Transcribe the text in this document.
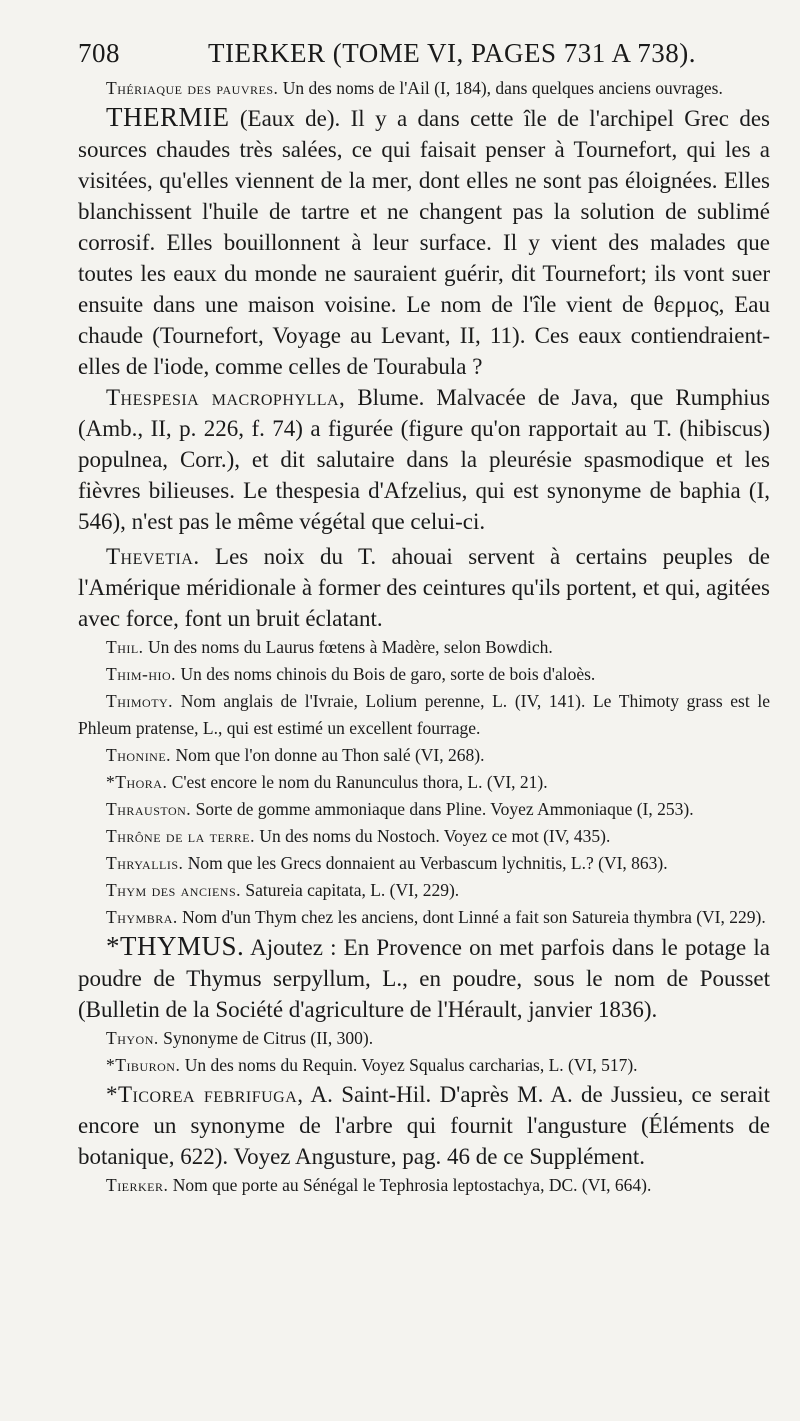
708	TIERKER (TOME VI, PAGES 731 A 738).

Thériaque des pauvres. Un des noms de l'Ail (I, 184), dans quelques anciens ouvrages.

THERMIE (Eaux de). Il y a dans cette île de l'archipel Grec des sources chaudes très salées, ce qui faisait penser à Tournefort, qui les a visitées, qu'elles viennent de la mer, dont elles ne sont pas éloignées. Elles blanchissent l'huile de tartre et ne changent pas la solution de sublimé corrosif. Elles bouillonnent à leur surface. Il y vient des malades que toutes les eaux du monde ne sauraient guérir, dit Tournefort; ils vont suer ensuite dans une maison voisine. Le nom de l'île vient de θερμος, Eau chaude (Tournefort, Voyage au Levant, II, 11). Ces eaux contiendraient-elles de l'iode, comme celles de Tourabula ?

Thespesia macrophylla, Blume. Malvacée de Java, que Rumphius (Amb., II, p. 226, f. 74) a figurée (figure qu'on rapportait au T. (hibiscus) populnea, Corr.), et dit salutaire dans la pleurésie spasmodique et les fièvres bilieuses. Le thespesia d'Afzelius, qui est synonyme de baphia (I, 546), n'est pas le même végétal que celui-ci.

Thevetia. Les noix du T. ahouai servent à certains peuples de l'Amérique méridionale à former des ceintures qu'ils portent, et qui, agitées avec force, font un bruit éclatant.

Thil. Un des noms du Laurus fœtens à Madère, selon Bowdich.

Thim-hio. Un des noms chinois du Bois de garo, sorte de bois d'aloès.

Thimoty. Nom anglais de l'Ivraie, Lolium perenne, L. (IV, 141). Le Thimoty grass est le Phleum pratense, L., qui est estimé un excellent fourrage.

Thonine. Nom que l'on donne au Thon salé (VI, 268).

*Thora. C'est encore le nom du Ranunculus thora, L. (VI, 21).

Thrauston. Sorte de gomme ammoniaque dans Pline. Voyez Ammoniaque (I, 253).

Thrône de la terre. Un des noms du Nostoch. Voyez ce mot (IV, 435).

Thryallis. Nom que les Grecs donnaient au Verbascum lychnitis, L.? (VI, 863).

Thym des anciens. Satureia capitata, L. (VI, 229).

Thymbra. Nom d'un Thym chez les anciens, dont Linné a fait son Satureia thymbra (VI, 229).

*THYMUS. Ajoutez : En Provence on met parfois dans le potage la poudre de Thymus serpyllum, L., en poudre, sous le nom de Pousset (Bulletin de la Société d'agriculture de l'Hérault, janvier 1836).

Thyon. Synonyme de Citrus (II, 300).

*Tiburon. Un des noms du Requin. Voyez Squalus carcharias, L. (VI, 517).

*Ticorea febrifuga, A. Saint-Hil. D'après M. A. de Jussieu, ce serait encore un synonyme de l'arbre qui fournit l'angusture (Éléments de botanique, 622). Voyez Angusture, pag. 46 de ce Supplément.

Tierker. Nom que porte au Sénégal le Tephrosia leptostachya, DC. (VI, 664).
